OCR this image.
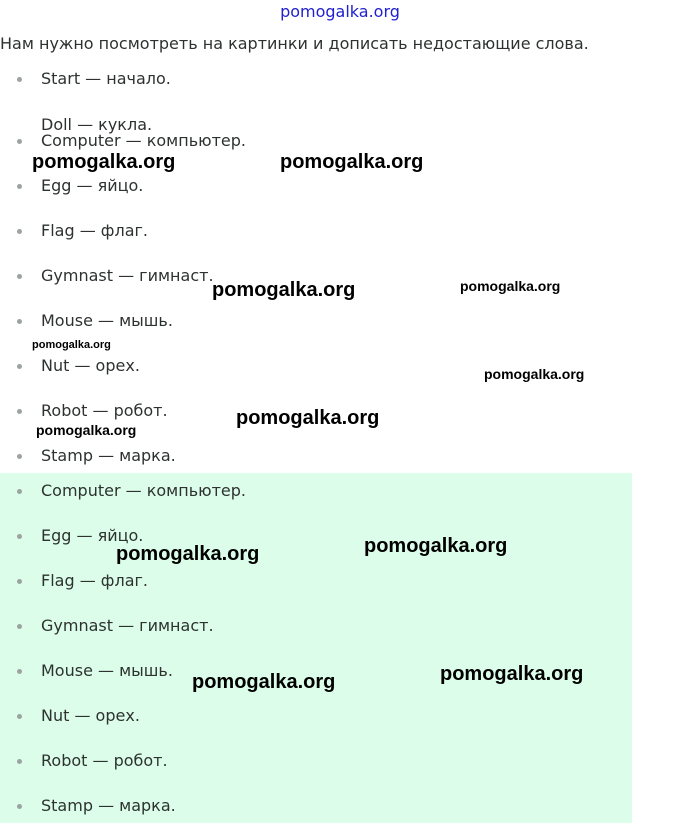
pomogalka.org
Нам нужно посмотреть на картинки и дописать недостающие слова.
Start — начало.
Computer — компьютер.
Egg — яйцо.
Flag — флаг.
Gymnast — гимнаст.
Mouse — мышь.
Nut — орех.
Robot — робот.
Stamp — марка.
Doll — кукла.
Computer — компьютер.
Egg — яйцо.
Flag — флаг.
Gymnast — гимнаст.
Mouse — мышь.
Nut — орех.
Robot — робот.
Stamp — марка.
pomogalka.org	pomogalka.org
pomogalka.org	pomogalka.org
pomogalka.org
pomogalka.org
pomogalka.org
pomogalka.org
pomogalka.org	pomogalka.org
pomogalka.org	pomogalka.org
